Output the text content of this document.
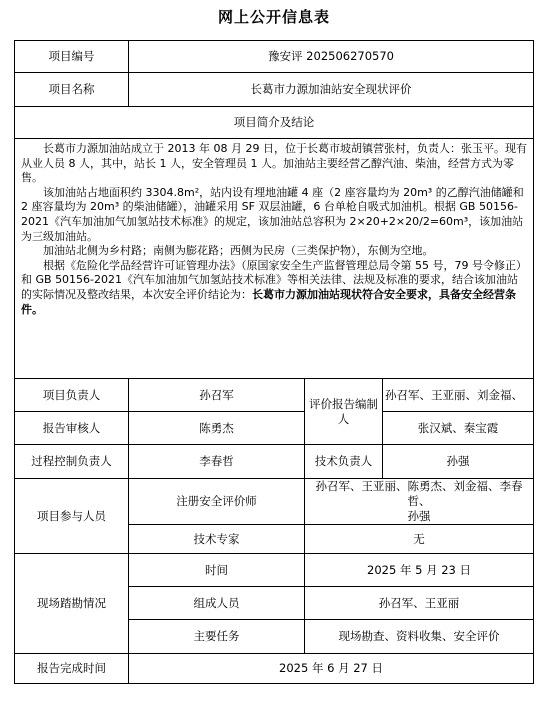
网上公开信息表
项目编号	豫安评 202506270570		
项目名称	长葛市力源加油站安全现状评价		
项目简介及结论			

长葛市力源加油站成立于 2013 年 08 月 29 日，位于长葛市坡胡镇营张村，负责人：张玉平。现有从业人员 8 人，其中，站长 1 人，安全管理员 1 人。加油站主要经营乙醇汽油、柴油，经营方式为零售。

该加油站占地面积约 3304.8m²，站内设有埋地油罐 4 座（2 座容量均为 20m³ 的乙醇汽油储罐和 2 座容量均为 20m³ 的柴油储罐），油罐采用 SF 双层油罐，6 台单枪自吸式加油机。根据 GB 50156-2021《汽车加油加气加氢站技术标准》的规定，该加油站总容积为 2×20+2×20/2=60m³，该加油站为三级加油站。

加油站北侧为乡村路；南侧为膨花路；西侧为民房（三类保护物），东侧为空地。

根据《危险化学品经营许可证管理办法》（原国家安全生产监督管理总局令第 55 号，79 号令修正）和 GB 50156-2021《汽车加油加气加氢站技术标准》等相关法律、法规及标准的要求，结合该加油站的实际情况及整改结果，本次安全评价结论为：长葛市力源加油站现状符合安全要求，具备安全经营条件。			

项目负责人	孙召军	评价报告编制人	孙召军、王亚丽、刘金福、
报告审核人	陈勇杰		张汉斌、秦宝霞
过程控制负责人	李春哲	技术负责人	孙强
项目参与人员	注册安全评价师	孙召军、王亚丽、陈勇杰、刘金福、李春哲、
孙强	

	技术专家	无	
现场踏勘情况	时间	2025 年 5 月 23 日	
	组成人员	孙召军、王亚丽	
	主要任务	现场勘查、资料收集、安全评价	
报告完成时间	2025 年 6 月 27 日		
